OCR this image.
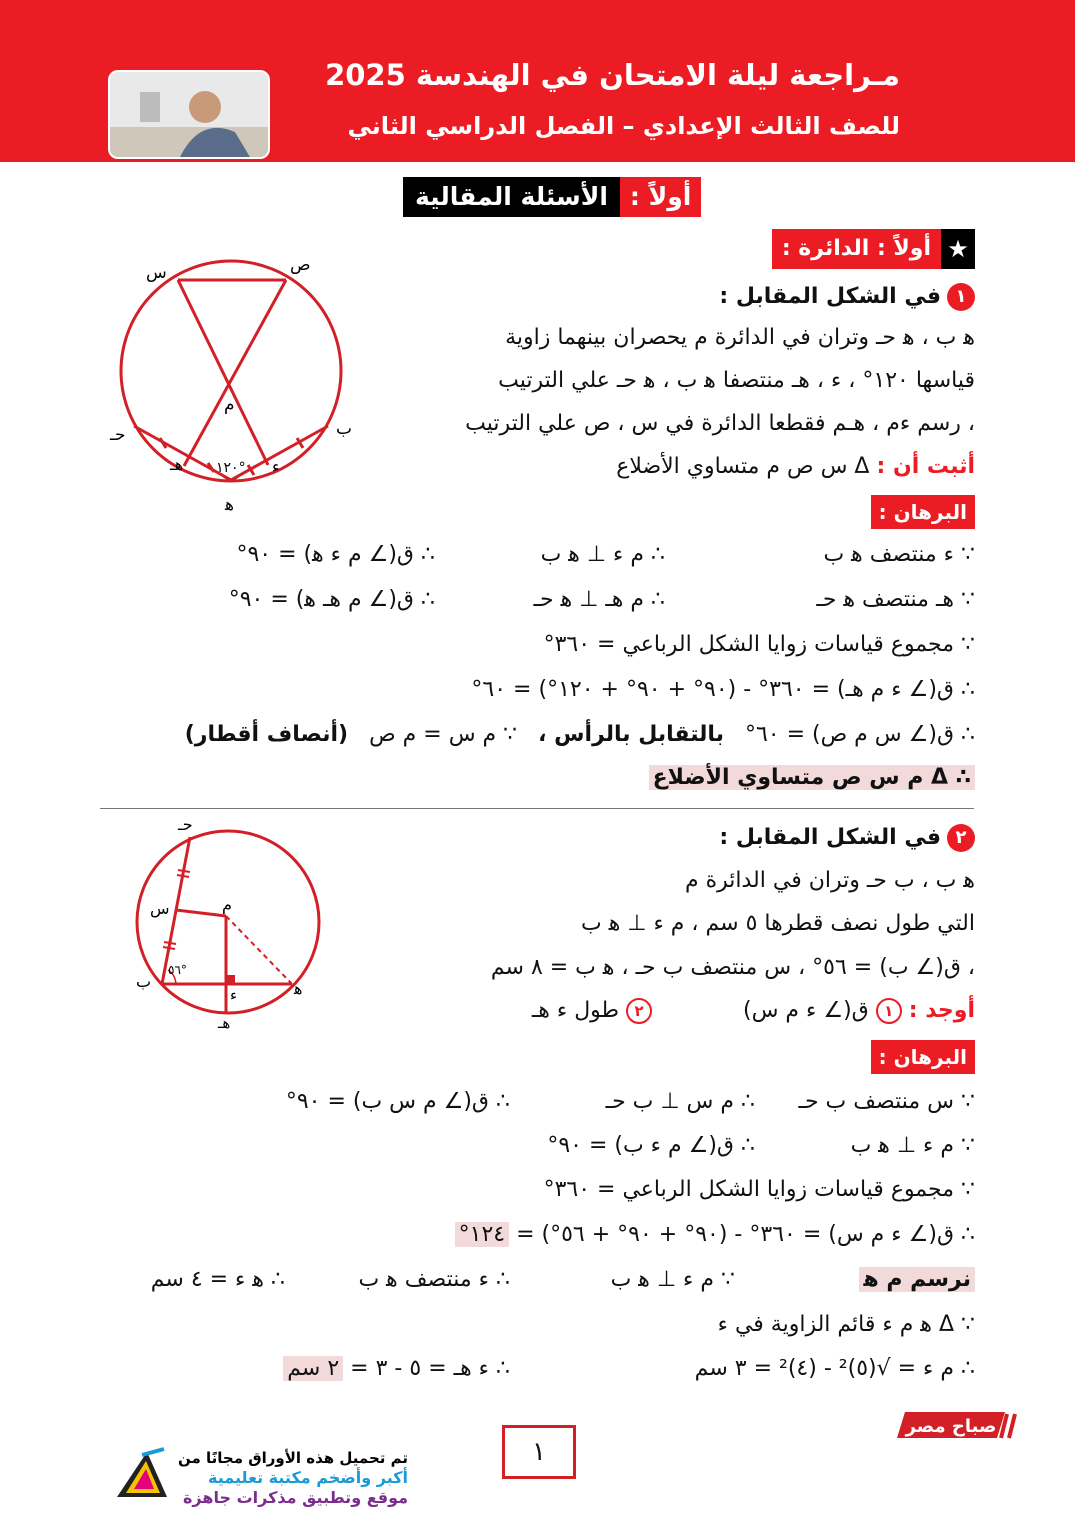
مـراجعة ليلة الامتحان في الهندسة 2025
للصف الثالث الإعدادي – الفصل الدراسي الثاني
أولاً :
الأسئلة المقالية
★
أولاً : الدائرة :
س	ص
حـ	ب
ﻫ
م
هـ	ء
١٢٠°
١في الشكل المقابل :
ﻫ ب ، ﻫ حـ وتران في الدائرة م يحصران بينهما زاوية
قياسها ١٢٠° ، ء ، هـ منتصفا ﻫ ب ، ﻫ حـ علي الترتيب
، رسم ءم ، هـم فقطعا الدائرة في س ، ص علي الترتيب
أثبت أن : Δ س ص م متساوي الأضلاع
البرهان :
∵ ء منتصف ﻫ ب
∴ م ء ⊥ ﻫ ب
∴ ق(∠ م ء ﻫ) = ٩٠°
∵ هـ منتصف ﻫ حـ
∴ م هـ ⊥ ﻫ حـ
∴ ق(∠ م هـ ﻫ) = ٩٠°
∵ مجموع قياسات زوايا الشكل الرباعي = ٣٦٠°
∴ ق(∠ ء م هـ) = ٣٦٠° - (٩٠° + ٩٠° + ١٢٠°) = ٦٠°
∴ ق(∠ س م ص) = ٦٠°   بالتقابل بالرأس ،   ∵ م س = م ص   (أنصاف أقطار)
∴ Δ م س ص متساوي الأضلاع
حـ
س	م
ب	ﻫ
ء
هـ
٥٦°
٢في الشكل المقابل :
ﻫ ب ، ب حـ وتران في الدائرة م
التي طول نصف قطرها ٥ سم ، م ء ⊥ ﻫ ب
، ق(∠ ب) = ٥٦° ، س منتصف ب حـ ، ﻫ ب = ٨ سم
أوجد : ١ ق(∠ ء م س)             ٢ طول ء هـ
البرهان :
∵ س منتصف ب حـ
∴ م س ⊥ ب حـ
∴ ق(∠ م س ب) = ٩٠°
∵ م ء ⊥ ﻫ ب
∴ ق(∠ م ء ب) = ٩٠°
∵ مجموع قياسات زوايا الشكل الرباعي = ٣٦٠°
∴ ق(∠ ء م س) = ٣٦٠° - (٩٠° + ٩٠° + ٥٦°) = ١٢٤°
نرسم م ﻫ
∵ م ء ⊥ ﻫ ب
∴ ء منتصف ﻫ ب
∴ ﻫ ء = ٤ سم
∵ Δ ﻫ م ء قائم الزاوية في ء
∴ م ء = √(٥)² - (٤)² = ٣ سم
∴ ء هـ = ٥ - ٣ = ٢ سم
صباح مصر
١
تم تحميل هذه الأوراق مجانًا من
أكبر وأضخم مكتبة تعليمية
موقع وتطبيق مذكرات جاهزة
